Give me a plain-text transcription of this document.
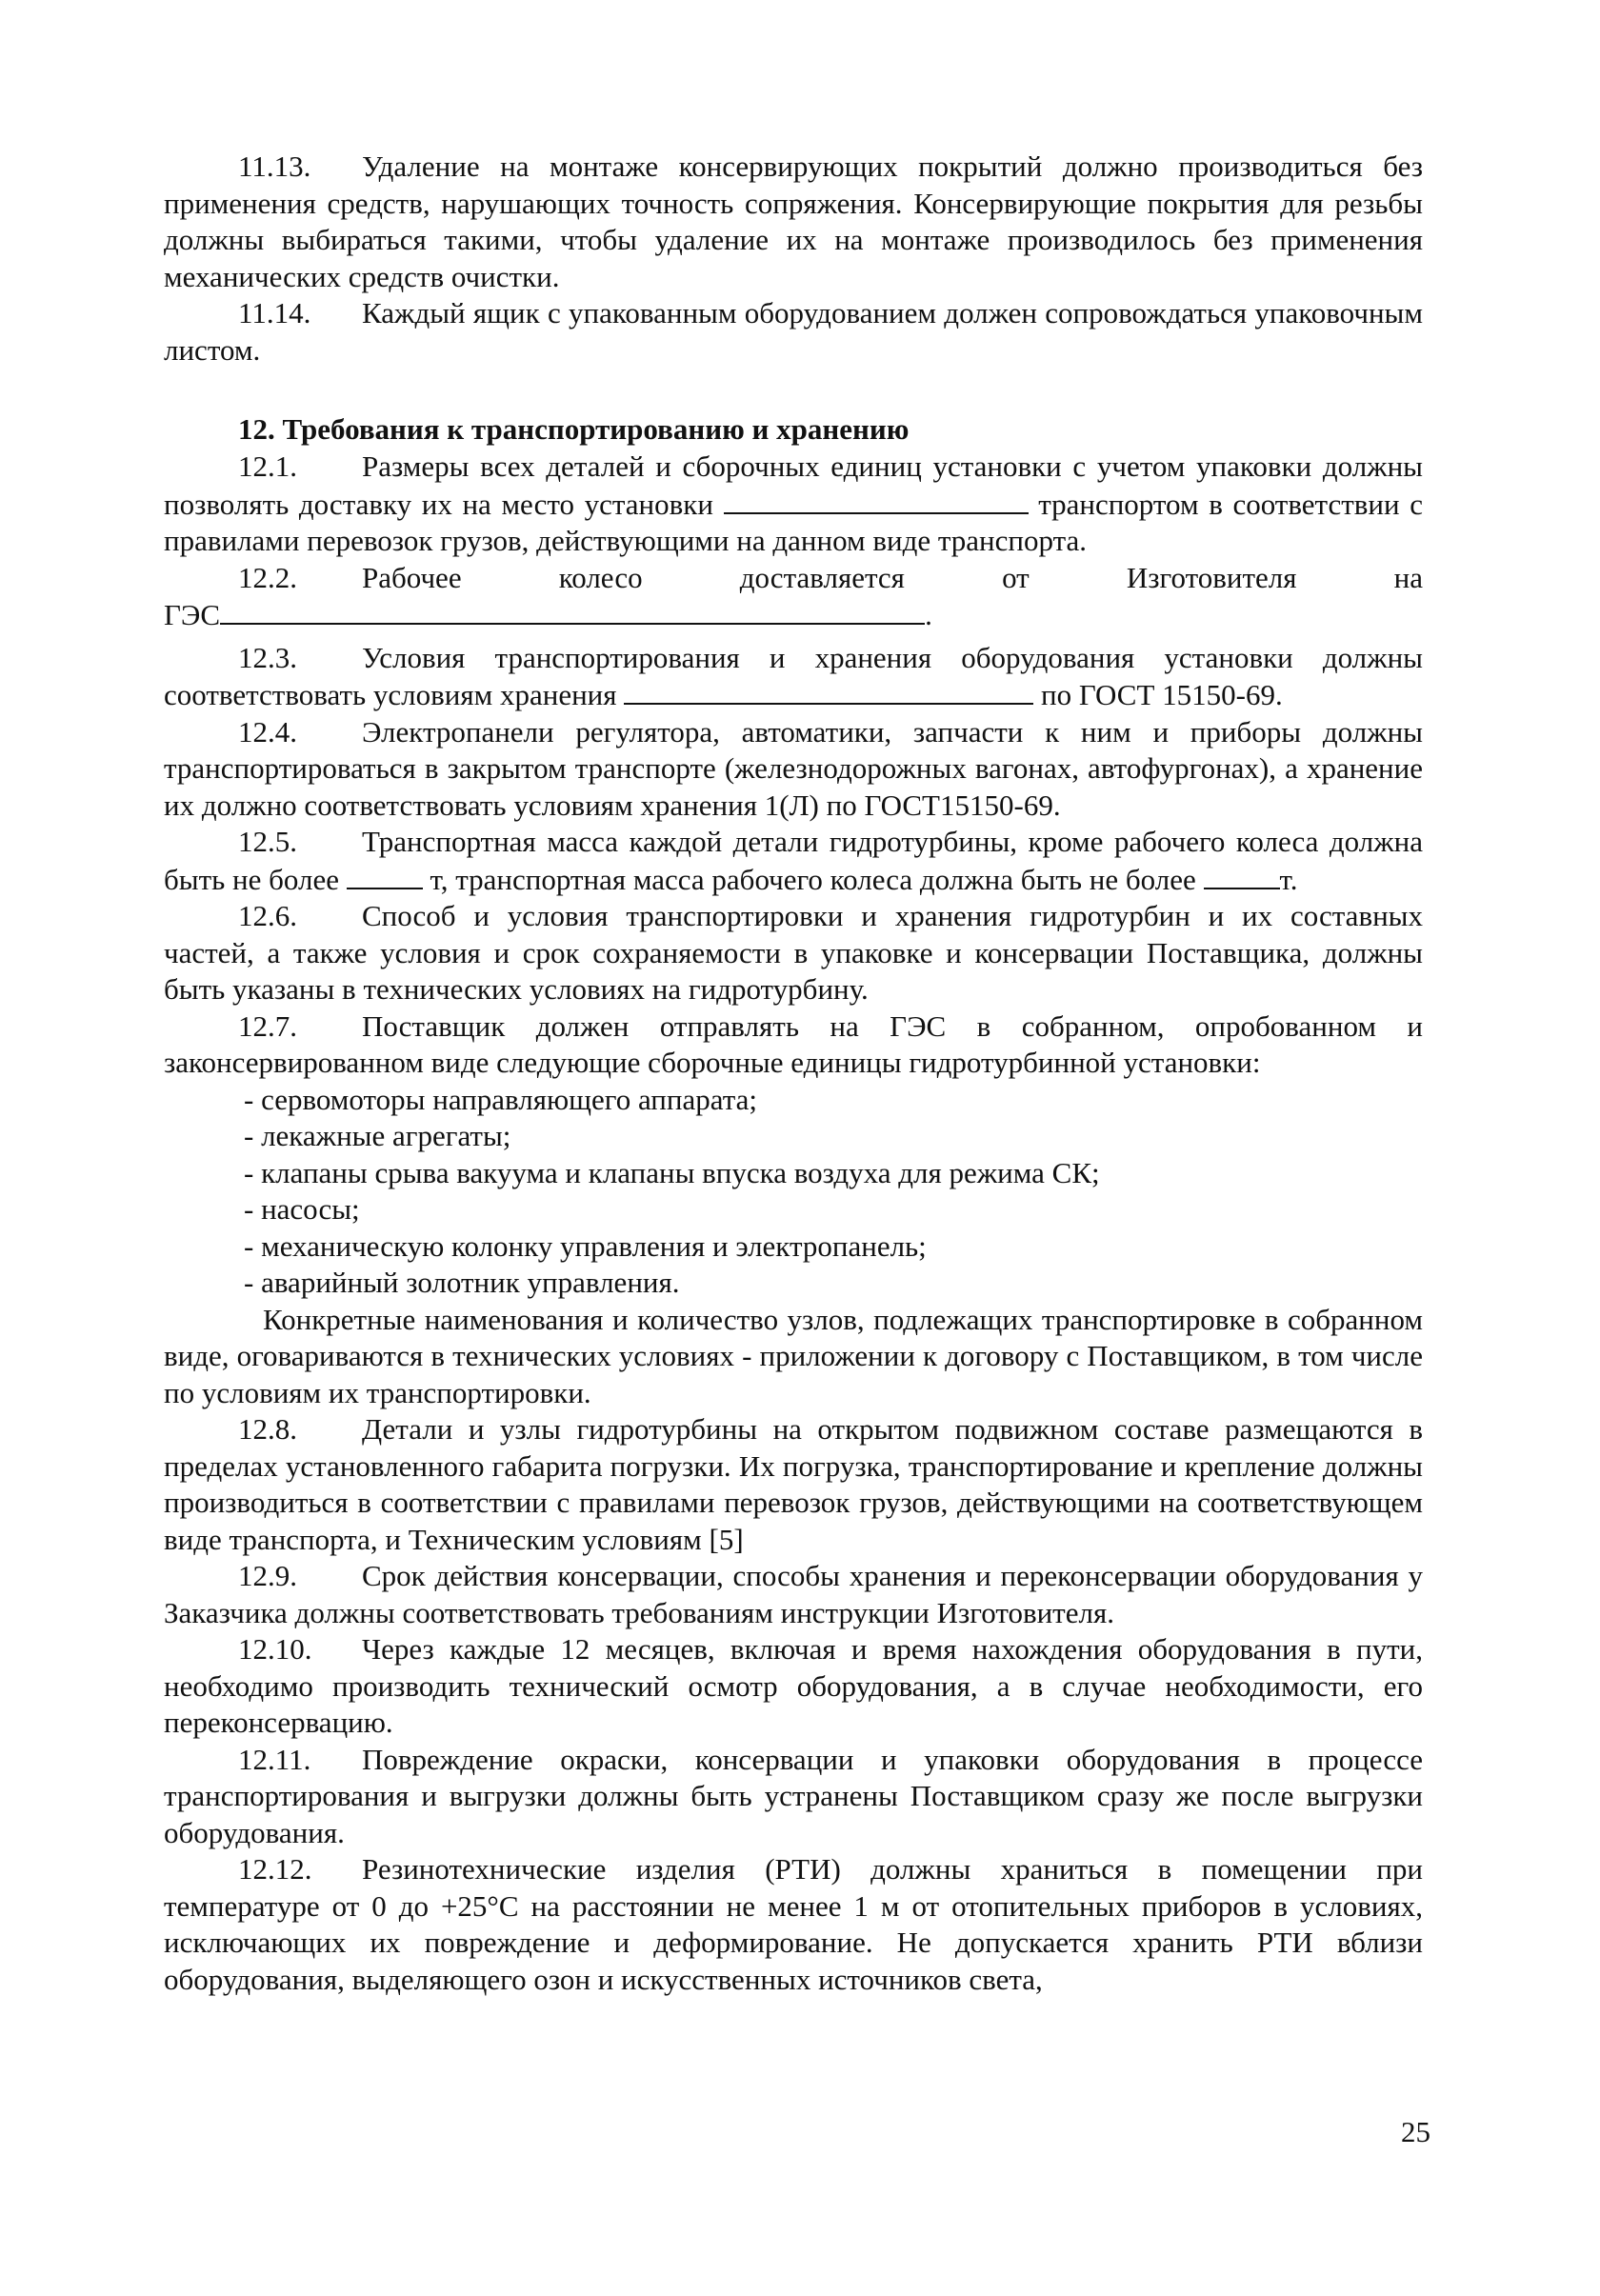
11.13. Удаление на монтаже консервирующих покрытий должно производиться без применения средств, нарушающих точность сопряжения. Консервирующие покрытия для резьбы должны выбираться такими, чтобы удаление их на монтаже производилось без применения механических средств очистки.

11.14. Каждый ящик с упакованным оборудованием должен сопровождаться упаковочным листом.

12. Требования к транспортированию и хранению

12.1. Размеры всех деталей и сборочных единиц установки с учетом упаковки должны позволять доставку их на место установки	транспортом в соответствии с правилами перевозок грузов, действующими на данном виде транспорта.

12.2. Рабочее колесо доставляется от Изготовителя на

ГЭС	.

12.3. Условия транспортирования и хранения оборудования установки должны соответствовать условиям хранения	по ГОСТ 15150-69.

12.4. Электропанели регулятора, автоматики, запчасти к ним и приборы должны транспортироваться в закрытом транспорте (железнодорожных вагонах, автофургонах), а хранение их должно соответствовать условиям хранения 1(Л) по ГОСТ15150-69.

12.5. Транспортная масса каждой детали гидротурбины, кроме рабочего колеса должна быть не более	т, транспортная масса рабочего колеса должна быть не более	т.

12.6. Способ и условия транспортировки и хранения гидротурбин и их составных частей, а также условия и срок сохраняемости в упаковке и консервации Поставщика, должны быть указаны в технических условиях на гидротурбину.

12.7. Поставщик должен отправлять на ГЭС в собранном, опробованном и законсервированном виде следующие сборочные единицы гидротурбинной установки:

- сервомоторы направляющего аппарата;
- лекажные агрегаты;
- клапаны срыва вакуума и клапаны впуска воздуха для режима СК;
- насосы;
- механическую колонку управления и электропанель;
- аварийный золотник управления.

Конкретные наименования и количество узлов, подлежащих транспортировке в собранном виде, оговариваются в технических условиях - приложении к договору с Поставщиком, в том числе по условиям их транспортировки.

12.8. Детали и узлы гидротурбины на открытом подвижном составе размещаются в пределах установленного габарита погрузки. Их погрузка, транспортирование и крепление должны производиться в соответствии с правилами перевозок грузов, действующими на соответствующем виде транспорта, и Техническим условиям [5]

12.9. Срок действия консервации, способы хранения и переконсервации оборудования у Заказчика должны соответствовать требованиям инструкции Изготовителя.

12.10. Через каждые 12 месяцев, включая и время нахождения оборудования в пути, необходимо производить технический осмотр оборудования, а в случае необходимости, его переконсервацию.

12.11. Повреждение окраски, консервации и упаковки оборудования в процессе транспортирования и выгрузки должны быть устранены Поставщиком сразу же после выгрузки оборудования.

12.12. Резинотехнические изделия (РТИ) должны храниться в помещении при температуре от 0 до +25°С на расстоянии не менее 1 м от отопительных приборов в условиях, исключающих их повреждение и деформирование. Не допускается хранить РТИ вблизи оборудования, выделяющего озон и искусственных источников света,

25
